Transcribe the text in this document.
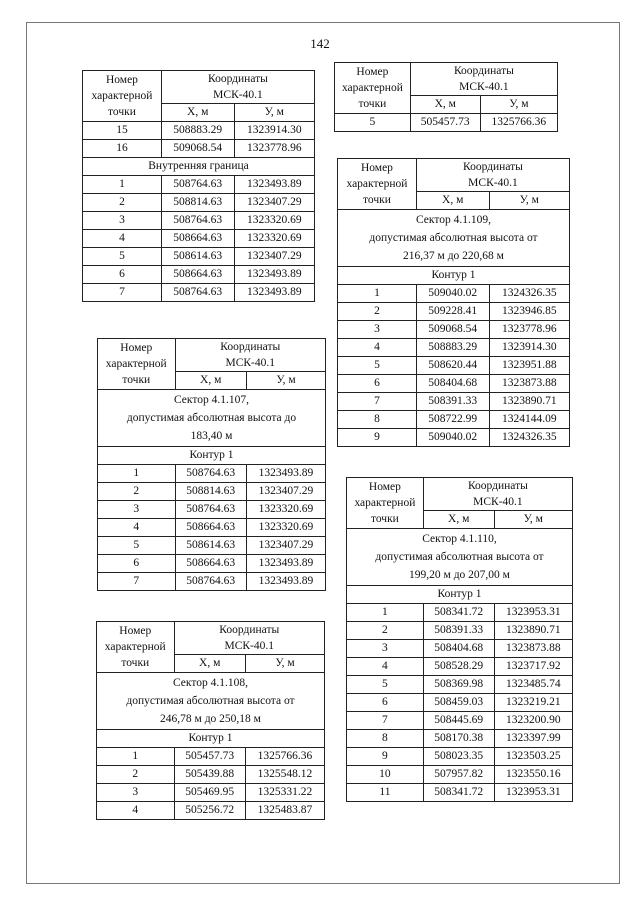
142
Номер
характерной
точки	Координаты
МСК-40.1	
	X, м	У, м
15	508883.29	1323914.30
16	509068.54	1323778.96
Внутренняя граница		
1	508764.63	1323493.89
2	508814.63	1323407.29
3	508764.63	1323320.69
4	508664.63	1323320.69
5	508614.63	1323407.29
6	508664.63	1323493.89
7	508764.63	1323493.89
Номер
характерной
точки	Координаты
МСК-40.1	
	X, м	У, м
Сектор 4.1.107,
допустимая абсолютная высота до
183,40 м		
Контур 1		
1	508764.63	1323493.89
2	508814.63	1323407.29
3	508764.63	1323320.69
4	508664.63	1323320.69
5	508614.63	1323407.29
6	508664.63	1323493.89
7	508764.63	1323493.89
Номер
характерной
точки	Координаты
МСК-40.1	
	X, м	У, м
Сектор 4.1.108,
допустимая абсолютная высота от
246,78 м до 250,18 м		
Контур 1		
1	505457.73	1325766.36
2	505439.88	1325548.12
3	505469.95	1325331.22
4	505256.72	1325483.87
Номер
характерной
точки	Координаты
МСК-40.1	
	X, м	У, м
5	505457.73	1325766.36
Номер
характерной
точки	Координаты
МСК-40.1	
	X, м	У, м
Сектор 4.1.109,
допустимая абсолютная высота от
216,37 м до 220,68 м		
Контур 1		
1	509040.02	1324326.35
2	509228.41	1323946.85
3	509068.54	1323778.96
4	508883.29	1323914.30
5	508620.44	1323951.88
6	508404.68	1323873.88
7	508391.33	1323890.71
8	508722.99	1324144.09
9	509040.02	1324326.35
Номер
характерной
точки	Координаты
МСК-40.1	
	X, м	У, м
Сектор 4.1.110,
допустимая абсолютная высота от
199,20 м до 207,00 м		
Контур 1		
1	508341.72	1323953.31
2	508391.33	1323890.71
3	508404.68	1323873.88
4	508528.29	1323717.92
5	508369.98	1323485.74
6	508459.03	1323219.21
7	508445.69	1323200.90
8	508170.38	1323397.99
9	508023.35	1323503.25
10	507957.82	1323550.16
11	508341.72	1323953.31
